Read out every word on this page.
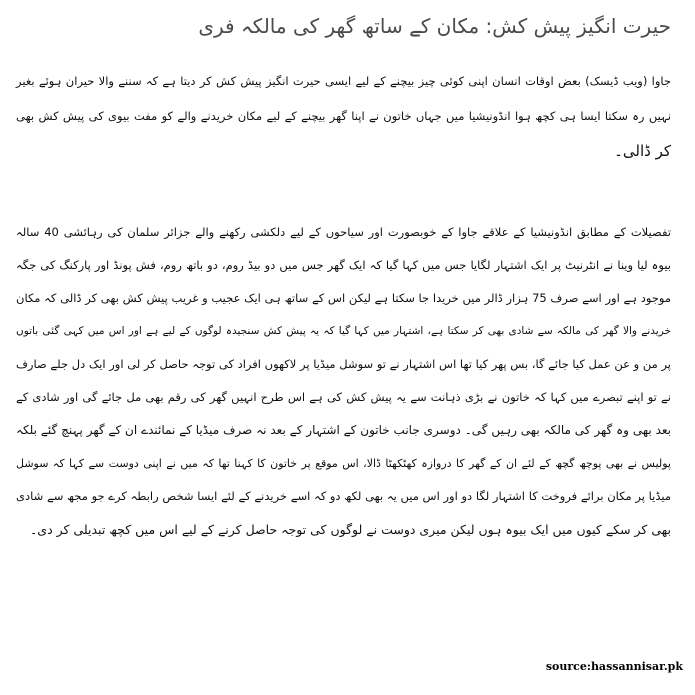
حیرت انگیز پیش کش: مکان کے ساتھ گھر کی مالکہ فری
جاوا (ویب ڈیسک) بعض اوقات انسان اپنی کوئی چیز بیچنے کے لیے ایسی حیرت انگیز پیش کش کر دیتا ہے کہ سننے والا حیران ہوئے بغیر
نہیں رہ سکتا ایسا ہی کچھ ہوا انڈونیشیا میں جہاں خاتون نے اپنا گھر بیچنے کے لیے مکان خریدنے والے کو مفت بیوی کی پیش کش بھی
کر ڈالی۔
تفصیلات کے مطابق انڈونیشیا کے علاقے جاوا کے خوبصورت اور سیاحوں کے لیے دلکشی رکھنے والے جزائر سلمان کی رہائشی 40 سالہ
بیوہ لیا وینا نے انٹرنیٹ پر ایک اشتہار لگایا جس میں کہا گیا کہ ایک گھر جس میں دو بیڈ روم، دو باتھ روم، فش پونڈ اور پارکنگ کی جگہ
موجود ہے اور اسے صرف 75 ہزار ڈالر میں خریدا جا سکتا ہے لیکن اس کے ساتھ ہی ایک عجیب و غریب پیش کش بھی کر ڈالی کہ مکان
خریدنے والا گھر کی مالکہ سے شادی بھی کر سکتا ہے، اشتہار میں کہا گیا کہ یہ پیش کش سنجیدہ لوگوں کے لیے ہے اور اس میں کہی گئی باتوں
پر من و عن عمل کیا جائے گا، بس پھر کیا تھا اس اشتہار نے تو سوشل میڈیا پر لاکھوں افراد کی توجہ حاصل کر لی اور ایک دل جلے صارف
نے تو اپنے تبصرے میں کہا کہ خاتون نے بڑی ذہانت سے یہ پیش کش کی ہے اس طرح انہیں گھر کی رقم بھی مل جائے گی اور شادی کے
بعد بھی وہ گھر کی مالکہ بھی رہیں گی۔ دوسری جانب خاتون کے اشتہار کے بعد نہ صرف میڈیا کے نمائندے ان کے گھر پہنچ گئے بلکہ
پولیس نے بھی پوچھ گچھ کے لئے ان کے گھر کا دروازہ کھٹکھٹا ڈالا، اس موقع پر خاتون کا کہنا تھا کہ میں نے اپنی دوست سے کہا کہ سوشل
میڈیا پر مکان برائے فروخت کا اشتہار لگا دو اور اس میں یہ بھی لکھ دو کہ اسے خریدنے کے لئے ایسا شخص رابطہ کرے جو مجھ سے شادی
بھی کر سکے کیوں میں ایک بیوہ ہوں لیکن میری دوست نے لوگوں کی توجہ حاصل کرنے کے لیے اس میں کچھ تبدیلی کر دی۔
source:hassannisar.pk
